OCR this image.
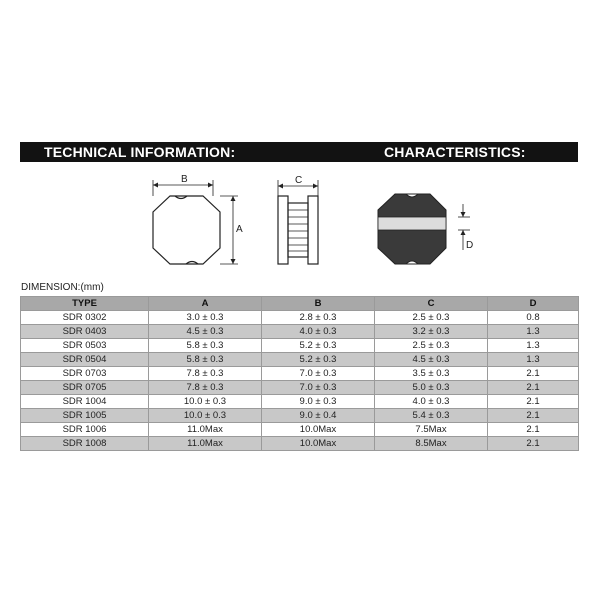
TECHNICAL INFORMATION:	CHARACTERISTICS:
B
A
C
D
DIMENSION:(mm)
TYPE	A	B	C	D
SDR 0302	3.0 ± 0.3	2.8 ± 0.3	2.5 ± 0.3	0.8
SDR 0403	4.5 ± 0.3	4.0 ± 0.3	3.2 ± 0.3	1.3
SDR 0503	5.8 ± 0.3	5.2 ± 0.3	2.5 ± 0.3	1.3
SDR 0504	5.8 ± 0.3	5.2 ± 0.3	4.5 ± 0.3	1.3
SDR 0703	7.8 ± 0.3	7.0 ± 0.3	3.5 ± 0.3	2.1
SDR 0705	7.8 ± 0.3	7.0 ± 0.3	5.0 ± 0.3	2.1
SDR 1004	10.0 ± 0.3	9.0 ± 0.3	4.0 ± 0.3	2.1
SDR 1005	10.0 ± 0.3	9.0 ± 0.4	5.4 ± 0.3	2.1
SDR 1006	11.0Max	10.0Max	7.5Max	2.1
SDR 1008	11.0Max	10.0Max	8.5Max	2.1
